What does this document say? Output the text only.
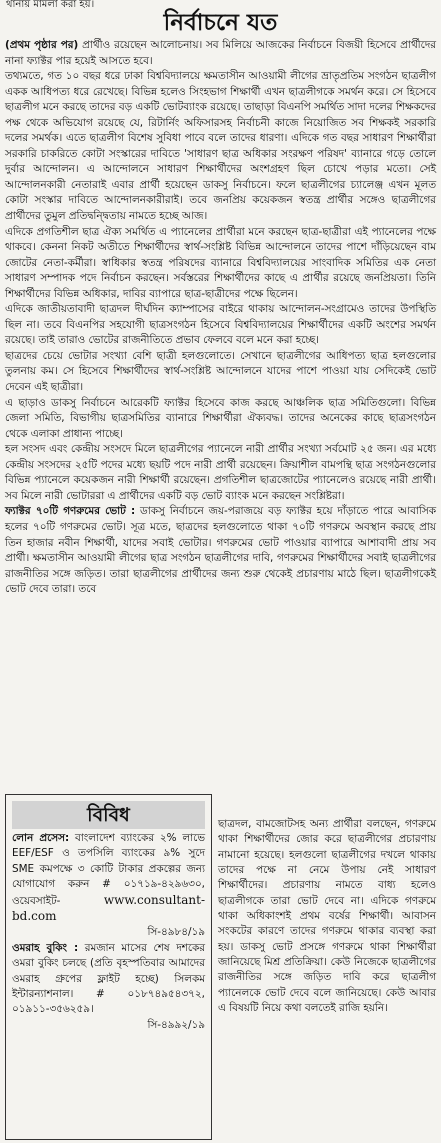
থানায় মামলা করা হয়।
নির্বাচনে যত

(প্রথম পৃষ্ঠার পর) প্রার্থীও রয়েছেন আলোচনায়। সব মিলিয়ে আজকের নির্বাচনে বিজয়ী হিসেবে প্রার্থীদের নানা ফ্যাক্টর পার হয়েই আসতে হবে।

তথ্যমতে, গত ১০ বছর ধরে ঢাকা বিশ্ববিদ্যালয়ে ক্ষমতাসীন আওয়ামী লীগের ভ্রাতৃপ্রতিম সংগঠন ছাত্রলীগ একক আধিপত্য ধরে রেখেছে। বিভিন্ন হলেও সিংহভাগ শিক্ষার্থী এখন ছাত্রলীগকে সমর্থন করে। সে হিসেবে ছাত্রলীগ মনে করছে তাদের বড় একটি ভোটব্যাংক রয়েছে। তাছাড়া বিএনপি সমর্থিত সাদা দলের শিক্ষকদের পক্ষ থেকে অভিযোগ রয়েছে যে, রিটার্নিং অফিসারসহ নির্বাচনী কাজে নিয়োজিত সব শিক্ষকই সরকারি দলের সমর্থক। এতে ছাত্রলীগ বিশেষ সুবিধা পাবে বলে তাদের ধারণা। এদিকে গত বছর সাধারণ শিক্ষার্থীরা সরকারি চাকরিতে কোটা সংস্কারের দাবিতে 'সাধারণ ছাত্র অধিকার সংরক্ষণ পরিষদ' ব্যানারে গড়ে তোলে দুর্বার আন্দোলন। এ আন্দোলনে সাধারণ শিক্ষার্থীদের অংশগ্রহণ ছিল চোখে পড়ার মতো। সেই আন্দোলনকারী নেতারাই এবার প্রার্থী হয়েছেন ডাকসু নির্বাচনে। ফলে ছাত্রলীগের চ্যালেঞ্জ এখন মূলত কোটা সংস্কার দাবিতে আন্দোলনকারীরাই। তবে জনপ্রিয় কয়েকজন স্বতন্ত্র প্রার্থীর সঙ্গেও ছাত্রলীগের প্রার্থীদের তুমুল প্রতিদ্বন্দ্বিতায় নামতে হচ্ছে আজ।

এদিকে প্রগতিশীল ছাত্র ঐক্য সমর্থিত এ প্যানেলের প্রার্থীরা মনে করছেন ছাত্র-ছাত্রীরা এই প্যানেলের পক্ষে থাকবে। কেননা নিকট অতীতে শিক্ষার্থীদের স্বার্থ-সংশ্লিষ্ট বিভিন্ন আন্দোলনে তাদের পাশে দাঁড়িয়েছেন বাম জোটের নেতা-কর্মীরা। স্বাধিকার স্বতন্ত্র পরিষদের ব্যানারে বিশ্ববিদ্যালয়ের সাংবাদিক সমিতির এক নেতা সাধারণ সম্পাদক পদে নির্বাচন করছেন। সর্বস্তরের শিক্ষার্থীদের কাছে এ প্রার্থীর রয়েছে জনপ্রিয়তা। তিনি শিক্ষার্থীদের বিভিন্ন অধিকার, দাবির ব্যাপারে ছাত্র-ছাত্রীদের পক্ষে ছিলেন।

এদিকে জাতীয়তাবাদী ছাত্রদল দীর্ঘদিন ক্যাম্পাসের বাইরে থাকায় আন্দোলন-সংগ্রামেও তাদের উপস্থিতি ছিল না। তবে বিএনপির সহযোগী ছাত্রসংগঠন হিসেবে বিশ্ববিদ্যালয়ের শিক্ষার্থীদের একটি অংশের সমর্থন রয়েছে। তাই তারাও ভোটের রাজনীতিতে প্রভাব ফেলবে বলে মনে করা হচ্ছে।

ছাত্রদের চেয়ে ভোটার সংখ্যা বেশি ছাত্রী হলগুলোতে। সেখানে ছাত্রলীগের আধিপত্য ছাত্র হলগুলোর তুলনায় কম। সে হিসেবে শিক্ষার্থীদের স্বার্থ-সংশ্লিষ্ট আন্দোলনে যাদের পাশে পাওয়া যায় সেদিকেই ভোট দেবেন এই ছাত্রীরা।

এ ছাড়াও ডাকসু নির্বাচনে আরেকটি ফ্যাক্টর হিসেবে কাজ করছে আঞ্চলিক ছাত্র সমিতিগুলো। বিভিন্ন জেলা সমিতি, বিভাগীয় ছাত্রসমিতির ব্যানারে শিক্ষার্থীরা ঐক্যবদ্ধ। তাদের অনেকের কাছে ছাত্রসংগঠন থেকে এলাকা প্রাধান্য পাচ্ছে।

হল সংসদ এবং কেন্দ্রীয় সংসদে মিলে ছাত্রলীগের প্যানেলে নারী প্রার্থীর সংখ্যা সর্বমোট ২৫ জন। এর মধ্যে কেন্দ্রীয় সংসদের ২৫টি পদের মধ্যে ছয়টি পদে নারী প্রার্থী রয়েছেন। ক্রিয়াশীল বামপন্থি ছাত্র সংগঠনগুলোর বিভিন্ন প্যানেলে কয়েকজন নারী শিক্ষার্থী রয়েছেন। প্রগতিশীল ছাত্রজোটের প্যানেলেও রয়েছে নারী প্রার্থী। সব মিলে নারী ভোটাররা এ প্রার্থীদের একটি বড় ভোট ব্যাংক মনে করছেন সংশ্লিষ্টরা।

ফ্যাক্টর ৭০টি গণরুমের ভোট : ডাকসু নির্বাচনে জয়-পরাজয়ে বড় ফ্যাক্টর হয়ে দাঁড়াতে পারে আবাসিক হলের ৭০টি গণরুমের ভোট। সূত্র মতে, ছাত্রদের হলগুলোতে থাকা ৭০টি গণরুমে অবস্থান করছে প্রায় তিন হাজার নবীন শিক্ষার্থী, যাদের সবাই ভোটার। গণরুমের ভোট পাওয়ার ব্যাপারে আশাবাদী প্রায় সব প্রার্থী। ক্ষমতাসীন আওয়ামী লীগের ছাত্র সংগঠন ছাত্রলীগের দাবি, গণরুমের শিক্ষার্থীদের সবাই ছাত্রলীগের রাজনীতির সঙ্গে জড়িত। তারা ছাত্রলীগের প্রার্থীদের জন্য শুরু থেকেই প্রচারণায় মাঠে ছিল। ছাত্রলীগকেই ভোট দেবে তারা। তবে

বিবিধ
লোন প্রসেস: বাংলাদেশ ব্যাংকের ২% লাভে EEF/ESF ও তপসিলি ব্যাংকের ৯% সুদে SME কমপক্ষে ৩ কোটি টাকার প্রকল্পের জন্য যোগাযোগ করুন # ০১৭১৯-৪২৯৬৩০, ওয়েবসাইট-	www.consultant-bd.com
সি-৪৯৮৪/১৯
ওমরাহ বুকিং : রমজান মাসের শেষ দশকের ওমরা বুকিং চলছে (প্রতি বৃহস্পতিবার আমাদের ওমরাহ গ্রুপের ফ্লাইট হচ্ছে) সিলকম ইন্টারন্যাশনাল। # ০১৮৭৪৯৫৪৩৭২, ০১৯১১-৩৫৬২৫৯।
সি-৪৯৯২/১৯
ছাত্রদল, বামজোটসহ অন্য প্রার্থীরা বলছেন, গণরুমে থাকা শিক্ষার্থীদের জোর করে ছাত্রলীগের প্রচারণায় নামানো হয়েছে। হলগুলো ছাত্রলীগের দখলে থাকায় তাদের পক্ষে না নেমে উপায় নেই সাধারণ শিক্ষার্থীদের। প্রচারণায় নামতে বাধ্য হলেও ছাত্রলীগকে তারা ভোট দেবে না। এদিকে গণরুমে থাকা অধিকাংশই প্রথম বর্ষের শিক্ষার্থী। আবাসন সংকটের কারণে তাদের গণরুমে থাকার ব্যবস্থা করা হয়। ডাকসু ভোট প্রসঙ্গে গণরুমে থাকা শিক্ষার্থীরা জানিয়েছে মিশ্র প্রতিক্রিয়া। কেউ নিজেকে ছাত্রলীগের রাজনীতির সঙ্গে জড়িত দাবি করে ছাত্রলীগ প্যানেলকে ভোট দেবে বলে জানিয়েছে। কেউ আবার এ বিষয়টি নিয়ে কথা বলতেই রাজি হয়নি।
